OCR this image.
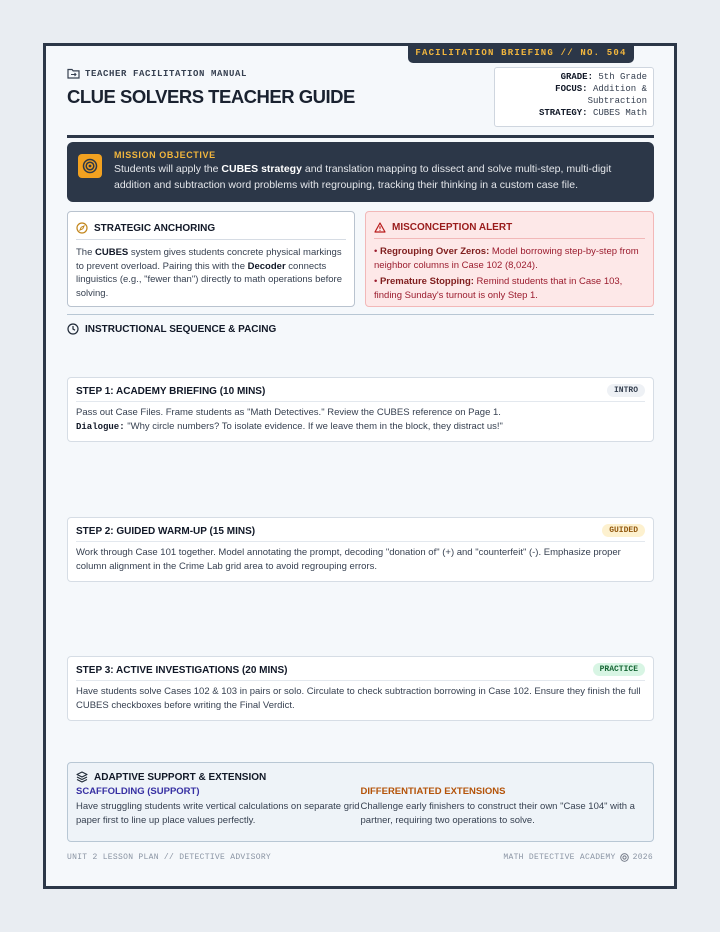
FACILITATION BRIEFING // NO. 504
TEACHER FACILITATION MANUAL
CLUE SOLVERS TEACHER GUIDE
GRADE: 5th Grade
FOCUS: Addition &
Subtraction
STRATEGY: CUBES Math
MISSION OBJECTIVE
Students will apply the CUBES strategy and translation mapping to dissect and solve multi-step, multi-digit addition and subtraction word problems with regrouping, tracking their thinking in a custom case file.
STRATEGIC ANCHORING
The CUBES system gives students concrete physical markings to prevent overload. Pairing this with the Decoder connects linguistics (e.g., "fewer than") directly to math operations before solving.
MISCONCEPTION ALERT
• Regrouping Over Zeros: Model borrowing step-by-step from neighbor columns in Case 102 (8,024).
• Premature Stopping: Remind students that in Case 103, finding Sunday's turnout is only Step 1.
INSTRUCTIONAL SEQUENCE & PACING
STEP 1: ACADEMY BRIEFING (10 MINS)	INTRO
Pass out Case Files. Frame students as "Math Detectives." Review the CUBES reference on Page 1.
Dialogue: "Why circle numbers? To isolate evidence. If we leave them in the block, they distract us!"
STEP 2: GUIDED WARM-UP (15 MINS)	GUIDED
Work through Case 101 together. Model annotating the prompt, decoding "donation of" (+) and "counterfeit" (-). Emphasize proper column alignment in the Crime Lab grid area to avoid regrouping errors.
STEP 3: ACTIVE INVESTIGATIONS (20 MINS)	PRACTICE
Have students solve Cases 102 & 103 in pairs or solo. Circulate to check subtraction borrowing in Case 102. Ensure they finish the full CUBES checkboxes before writing the Final Verdict.
ADAPTIVE SUPPORT & EXTENSION
SCAFFOLDING (SUPPORT)
Have struggling students write vertical calculations on separate grid paper first to line up place values perfectly.
DIFFERENTIATED EXTENSIONS
Challenge early finishers to construct their own "Case 104" with a partner, requiring two operations to solve.
UNIT 2 LESSON PLAN // DETECTIVE ADVISORY	MATH DETECTIVE ACADEMY 2026
